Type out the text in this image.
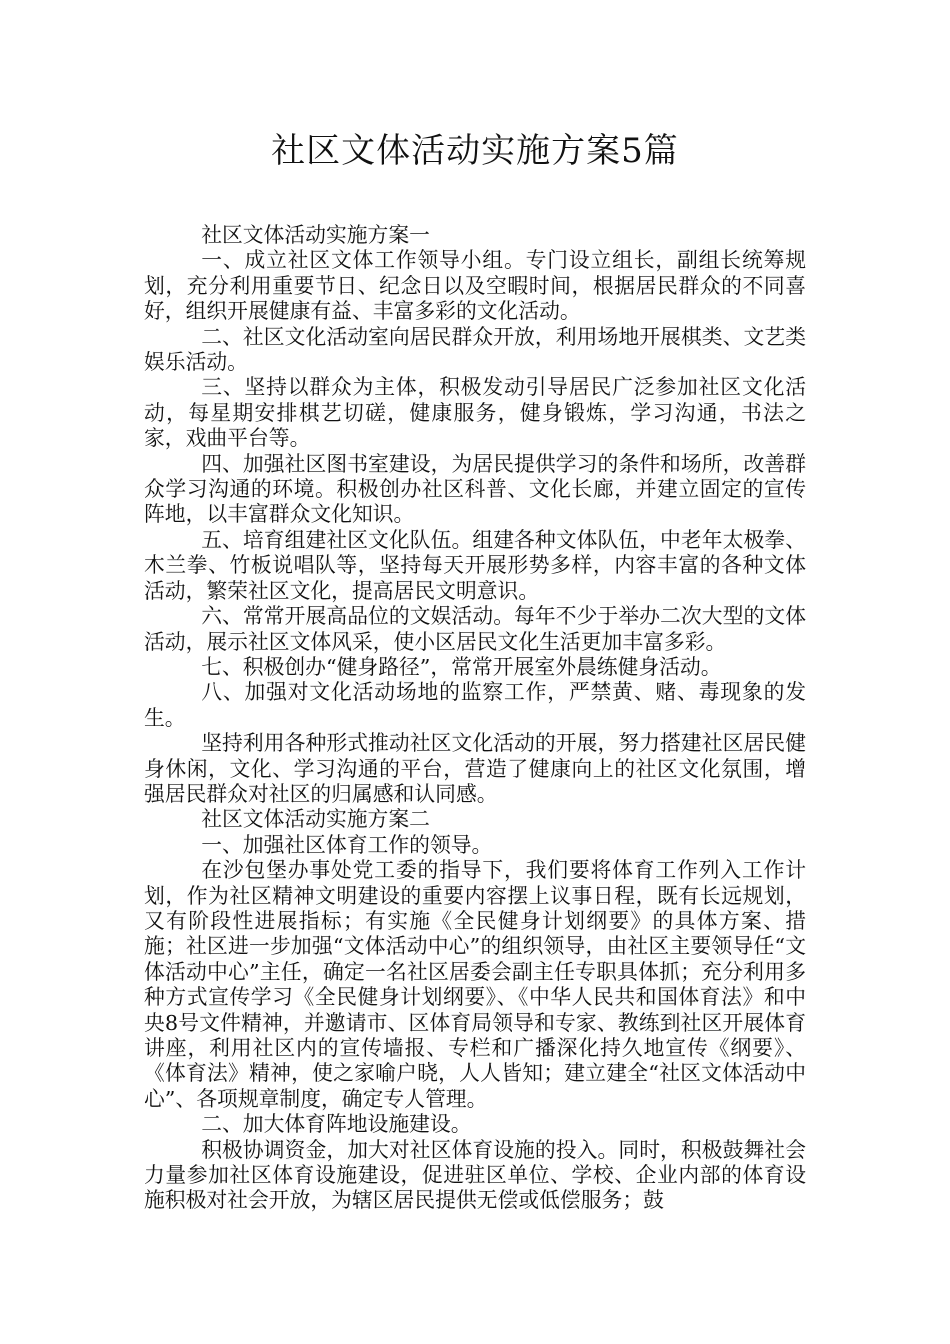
社区文体活动实施方案5篇

社区文体活动实施方案一

一、成立社区文体工作领导小组。专门设立组长，副组长统筹规划，充分利用重要节日、纪念日以及空暇时间，根据居民群众的不同喜好，组织开展健康有益、丰富多彩的文化活动。

二、社区文化活动室向居民群众开放，利用场地开展棋类、文艺类娱乐活动。

三、坚持以群众为主体，积极发动引导居民广泛参加社区文化活动，每星期安排棋艺切磋，健康服务，健身锻炼，学习沟通，书法之家，戏曲平台等。

四、加强社区图书室建设，为居民提供学习的条件和场所，改善群众学习沟通的环境。积极创办社区科普、文化长廊，并建立固定的宣传阵地，以丰富群众文化知识。

五、培育组建社区文化队伍。组建各种文体队伍，中老年太极拳、木兰拳、竹板说唱队等，坚持每天开展形势多样，内容丰富的各种文体活动，繁荣社区文化，提高居民文明意识。

六、常常开展高品位的文娱活动。每年不少于举办二次大型的文体活动，展示社区文体风采，使小区居民文化生活更加丰富多彩。

七、积极创办“健身路径”，常常开展室外晨练健身活动。

八、加强对文化活动场地的监察工作，严禁黄、赌、毒现象的发生。

坚持利用各种形式推动社区文化活动的开展，努力搭建社区居民健身休闲，文化、学习沟通的平台，营造了健康向上的社区文化氛围，增强居民群众对社区的归属感和认同感。

社区文体活动实施方案二

一、加强社区体育工作的领导。

在沙包堡办事处党工委的指导下，我们要将体育工作列入工作计划，作为社区精神文明建设的重要内容摆上议事日程，既有长远规划，又有阶段性进展指标；有实施《全民健身计划纲要》的具体方案、措施；社区进一步加强“文体活动中心”的组织领导，由社区主要领导任“文体活动中心”主任，确定一名社区居委会副主任专职具体抓；充分利用多种方式宣传学习《全民健身计划纲要》、《中华人民共和国体育法》和中央8号文件精神，并邀请市、区体育局领导和专家、教练到社区开展体育讲座，利用社区内的宣传墙报、专栏和广播深化持久地宣传《纲要》、《体育法》精神，使之家喻户晓，人人皆知；建立建全“社区文体活动中心”、各项规章制度，确定专人管理。

二、加大体育阵地设施建设。

积极协调资金，加大对社区体育设施的投入。同时，积极鼓舞社会力量参加社区体育设施建设，促进驻区单位、学校、企业内部的体育设施积极对社会开放，为辖区居民提供无偿或低偿服务；鼓
